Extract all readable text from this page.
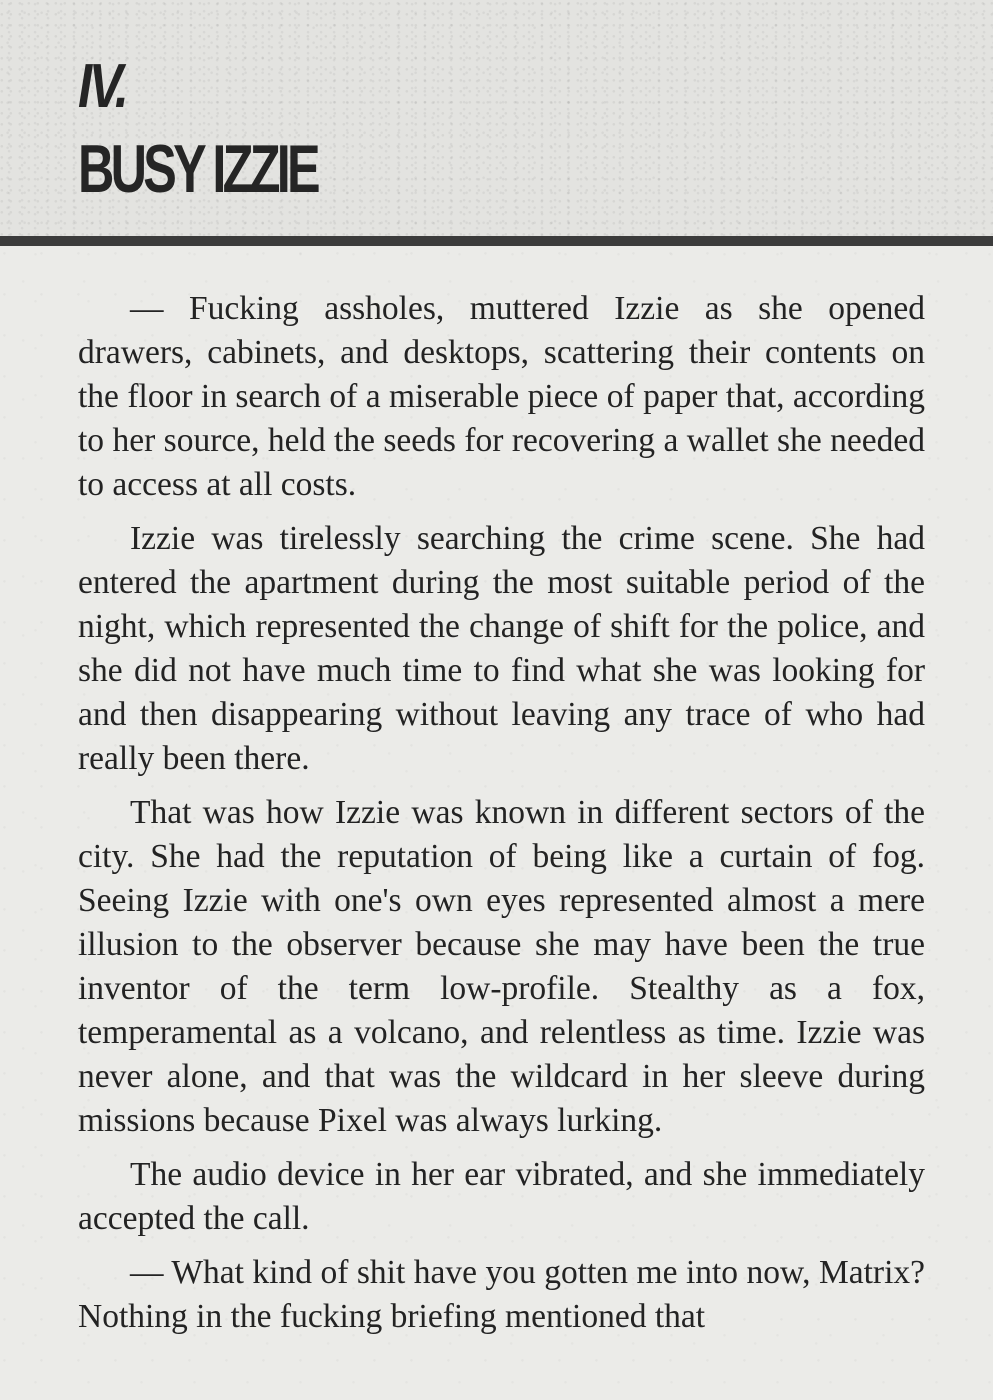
IV.
BUSY IZZIE

— Fucking assholes, muttered Izzie as she opened drawers, cabinets, and desktops, scattering their contents on the floor in search of a miserable piece of paper that, according to her source, held the seeds for recovering a wallet she needed to access at all costs.

Izzie was tirelessly searching the crime scene. She had entered the apartment during the most suitable period of the night, which represented the change of shift for the police, and she did not have much time to find what she was looking for and then disappearing without leaving any trace of who had really been there.

That was how Izzie was known in different sectors of the city. She had the reputation of being like a curtain of fog. Seeing Izzie with one's own eyes represented almost a mere illusion to the observer because she may have been the true inventor of the term low-profile. Stealthy as a fox, temperamental as a volcano, and relentless as time. Izzie was never alone, and that was the wildcard in her sleeve during missions because Pixel was always lurking.

The audio device in her ear vibrated, and she immediately accepted the call.

— What kind of shit have you gotten me into now, Matrix? Nothing in the fucking briefing mentioned that
